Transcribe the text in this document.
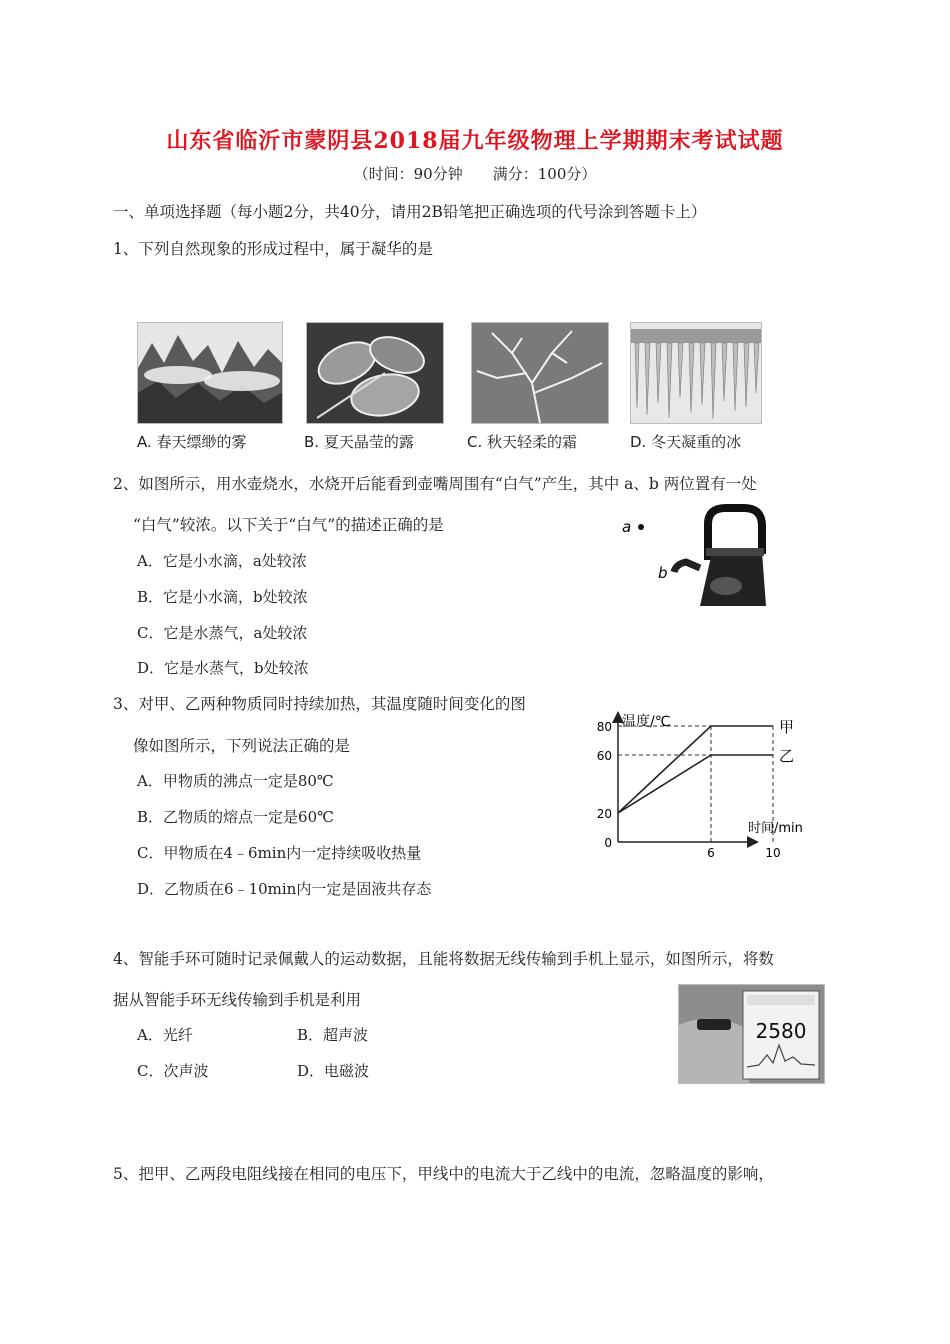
山东省临沂市蒙阴县2018届九年级物理上学期期末考试试题
（时间：90分钟　　满分：100分）
一、单项选择题（每小题2分，共40分，请用2B铅笔把正确选项的代号涂到答题卡上）
1、下列自然现象的形成过程中，属于凝华的是
A. 春天缥缈的雾	B. 夏天晶莹的露	C. 秋天轻柔的霜	D. 冬天凝重的冰
2、如图所示，用水壶烧水，水烧开后能看到壶嘴周围有“白气”产生，其中 a、b 两位置有一处
“白气”较浓。以下关于“白气”的描述正确的是
A．它是小水滴，a处较浓
B．它是小水滴，b处较浓
C．它是水蒸气，a处较浓
D．它是水蒸气，b处较浓
a
b
3、对甲、乙两种物质同时持续加热，其温度随时间变化的图
像如图所示，下列说法正确的是
A．甲物质的沸点一定是80℃
B．乙物质的熔点一定是60℃
C．甲物质在4﹣6min内一定持续吸收热量
D．乙物质在6﹣10min内一定是固液共存态
温度/℃
时间/min
0
20
60
80
6	10
甲
乙
4、智能手环可随时记录佩戴人的运动数据，且能将数据无线传输到手机上显示，如图所示，将数
据从智能手环无线传输到手机是利用
A．光纤	B．超声波
C．次声波	D．电磁波
2580
5、把甲、乙两段电阻线接在相同的电压下，甲线中的电流大于乙线中的电流，忽略温度的影响，
